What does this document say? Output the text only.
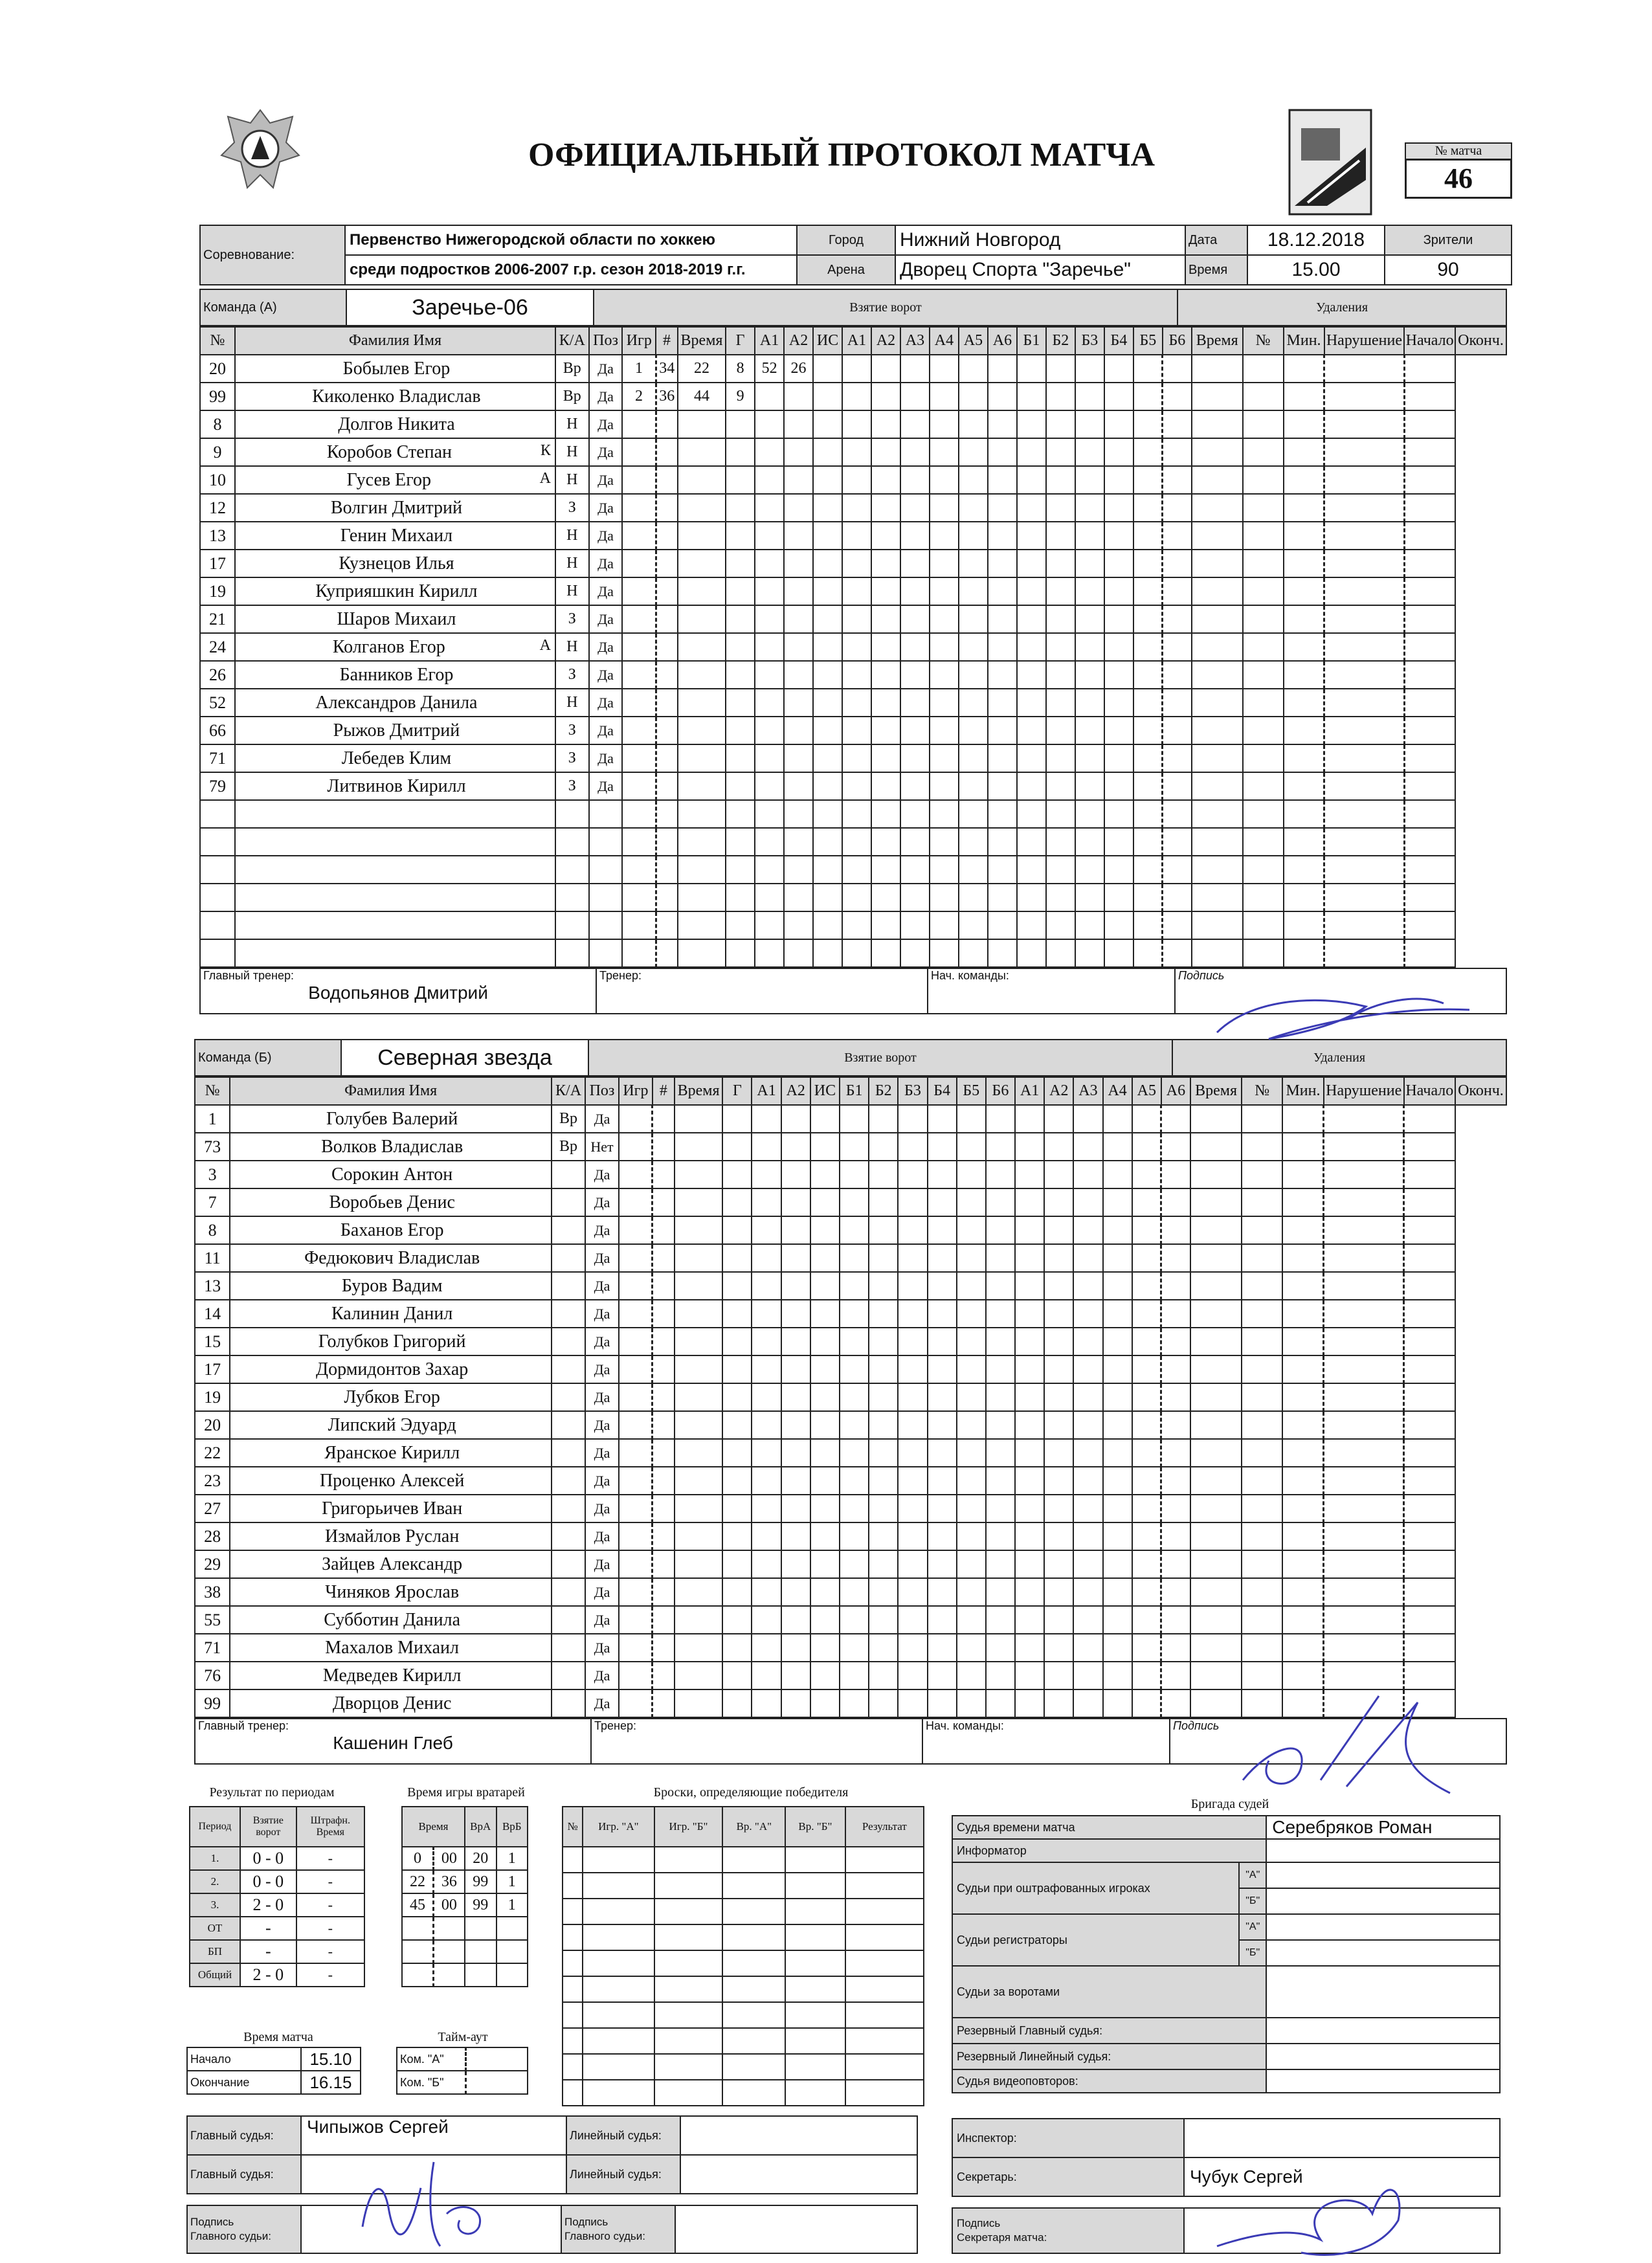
ОФИЦИАЛЬНЫЙ ПРОТОКОЛ МАТЧА	№ матча
46
Соревнование:	Первенство Нижегородской области по хоккею	Город	Нижний Новгород	Дата	18.12.2018	Зрители
	среди подростков 2006-2007 г.р. сезон 2018-2019 г.г.	Арена	Дворец Спорта "Заречье"	Время	15.00	90
Команда (А)	Заречье-06	Взятие ворот	Удаления
№	Фамилия Имя	К/А	Поз	Игр	#	Время	Г	А1	А2	ИС	А1	А2	А3	А4	А5	А6	Б1	Б2	Б3	Б4	Б5	Б6	Время	№	Мин.	Нарушение	Начало	Оконч.
20	Бобылев Егор	Вр	Да	1	34	22	8	52	26																			
99	Киколенко Владислав	Вр	Да	2	36	44	9																					
8	Долгов Никита	Н	Да																									
9	Коробов Степан К	Н	Да																									
10	Гусев Егор А	Н	Да																									
12	Волгин Дмитрий	З	Да																									
13	Генин Михаил	Н	Да																									
17	Кузнецов Илья	Н	Да																									
19	Куприяшкин Кирилл	Н	Да																									
21	Шаров Михаил	З	Да																									
24	Колганов Егор А	Н	Да																									
26	Банников Егор	З	Да																									
52	Александров Данила	Н	Да																									
66	Рыжов Дмитрий	З	Да																									
71	Лебедев Клим	З	Да																									
79	Литвинов Кирилл	З	Да																									

Главный тренер:
Водопьянов Дмитрий

Тренер:	Нач. команды:	Подпись
Команда (Б)	Северная звезда	Взятие ворот	Удаления
№	Фамилия Имя	К/А	Поз	Игр	#	Время	Г	А1	А2	ИС	Б1	Б2	Б3	Б4	Б5	Б6	А1	А2	А3	А4	А5	А6	Время	№	Мин.	Нарушение	Начало	Оконч.
1	Голубев Валерий	Вр	Да																									
73	Волков Владислав	Вр	Нет																									
3	Сорокин Антон		Да																									
7	Воробьев Денис		Да																									
8	Баханов Егор		Да																									
11	Федюкович Владислав		Да																									
13	Буров Вадим		Да																									
14	Калинин Данил		Да																									
15	Голубков Григорий		Да																									
17	Дормидонтов Захар		Да																									
19	Лубков Егор		Да																									
20	Липский Эдуард		Да																									
22	Яранское Кирилл		Да																									
23	Проценко Алексей		Да																									
27	Григорьичев Иван		Да																									
28	Измайлов Руслан		Да																									
29	Зайцев Александр		Да																									
38	Чиняков Ярослав		Да																									
55	Субботин Данила		Да																									
71	Махалов Михаил		Да																									
76	Медведев Кирилл		Да																									
99	Дворцов Денис		Да																									
Главный тренер:
Кашенин Глеб

Тренер:	Нач. команды:	Подпись
Результат по периодам
Период	Взятие ворот	Штрафн. Время
1.	0 - 0	-
2.	0 - 0	-
3.	2 - 0	-
ОТ	-	-
БП	-	-
Общий	2 - 0	-
Время игры вратарей
Время		ВрА	ВрБ
0	00	20	1
22	36	99	1
45	00	99	1

Броски, определяющие победителя
№	Игр. "А"	Игр. "Б"	Вр. "А"	Вр. "Б"	Результат

Время матча
Начало	15.10
Окончание	16.15
Тайм-аут
Ком. "А"	
Ком. "Б"	
Бригада судей
Судья времени матча		Серебряков Роман
Информатор		
Судьи при оштрафованных игроках	"А"	
	"Б"	
Судьи регистраторы	"А"	
	"Б"	
Судьи за воротами		
Резервный Главный судья:		
Резервный Линейный судья:		
Судья видеоповторов:		
Главный судья:	Чипыжов Сергей	Линейный судья:	
Главный судья:		Линейный судья:	
Подпись
Главного судьи:

Подпись
Главного судьи:

Инспектор:	
Секретарь:	Чубук Сергей
Подпись
Секретаря матча:
